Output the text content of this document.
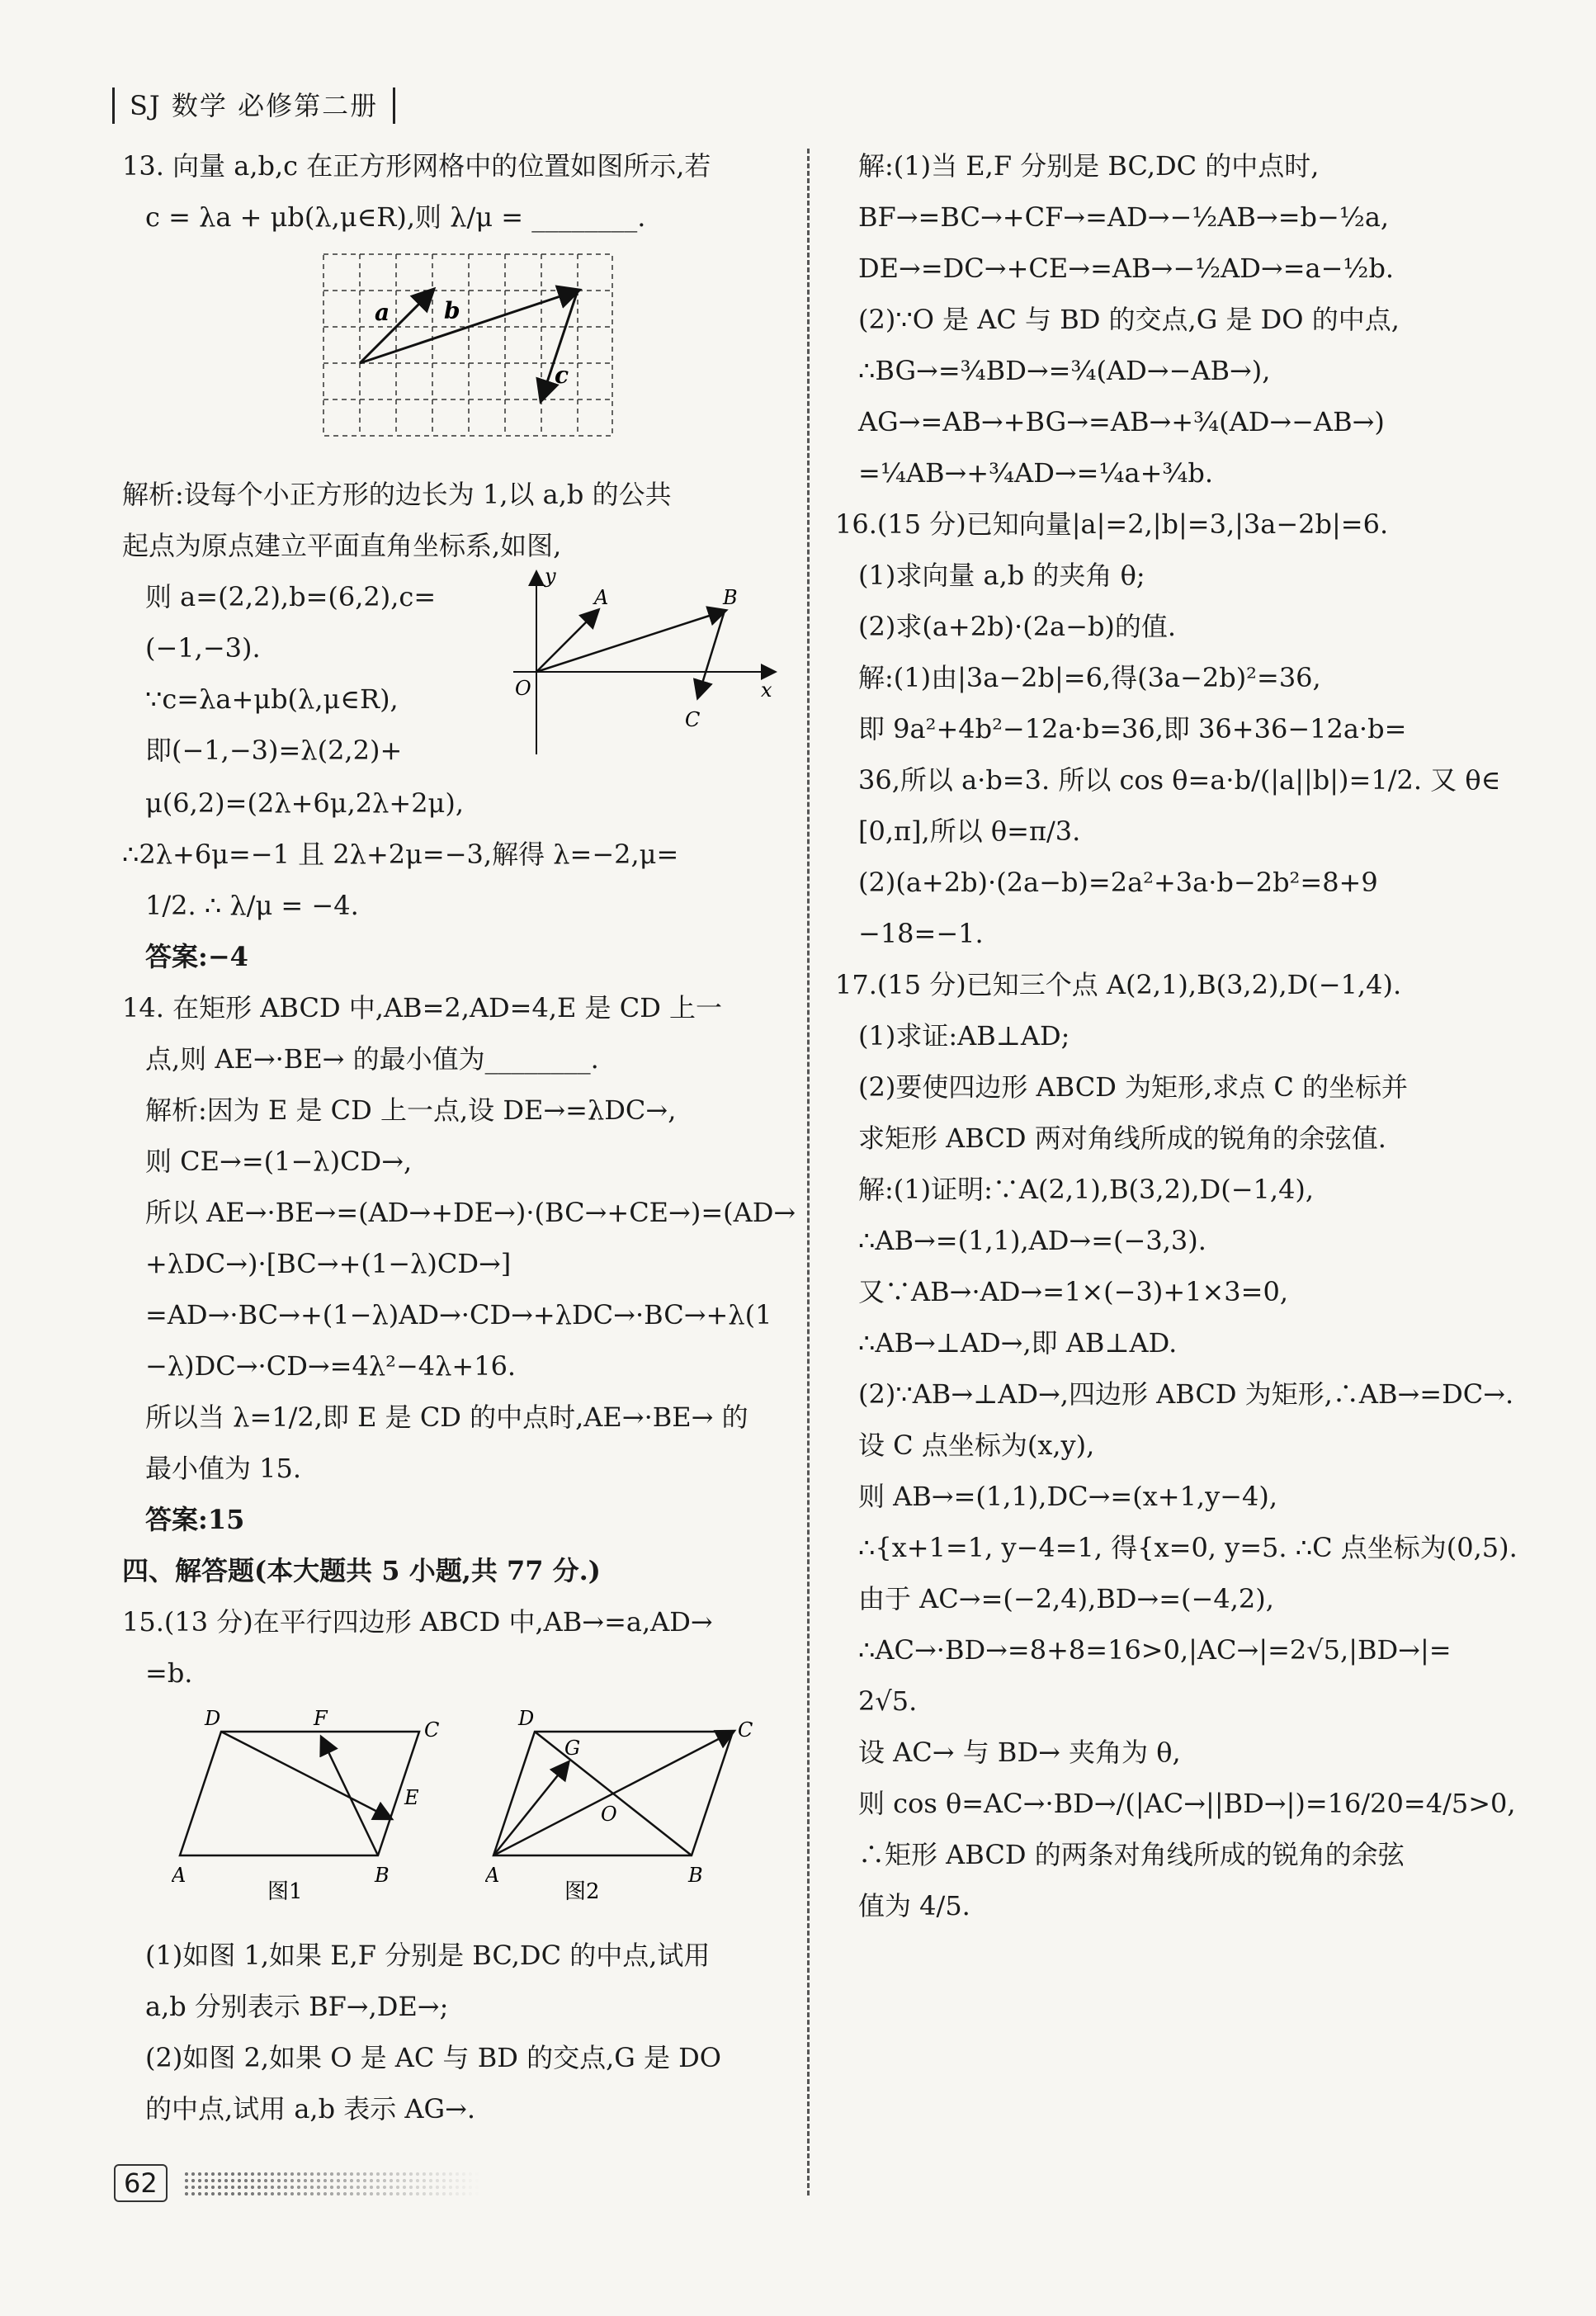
SJ 数学 必修第二册

13. 向量 a,b,c 在正方形网格中的位置如图所示,若

c = λa + μb(λ,μ∈R),则 λ/μ = ________.

a b
c

解析:设每个小正方形的边长为 1,以 a,b 的公共

起点为原点建立平面直角坐标系,如图,

则 a=(2,2),b=(6,2),c=

(−1,−3).

∵c=λa+μb(λ,μ∈R),

即(−1,−3)=λ(2,2)+

y
A	B
O	x
C

μ(6,2)=(2λ+6μ,2λ+2μ),

∴2λ+6μ=−1 且 2λ+2μ=−3,解得 λ=−2,μ=

1/2. ∴ λ/μ = −4.

答案:−4

14. 在矩形 ABCD 中,AB=2,AD=4,E 是 CD 上一

点,则 AE→·BE→ 的最小值为________.

解析:因为 E 是 CD 上一点,设 DE→=λDC→,

则 CE→=(1−λ)CD→,

所以 AE→·BE→=(AD→+DE→)·(BC→+CE→)=(AD→

+λDC→)·[BC→+(1−λ)CD→]

=AD→·BC→+(1−λ)AD→·CD→+λDC→·BC→+λ(1

−λ)DC→·CD→=4λ²−4λ+16.

所以当 λ=1/2,即 E 是 CD 的中点时,AE→·BE→ 的

最小值为 15.

答案:15

四、解答题(本大题共 5 小题,共 77 分.)

15.(13 分)在平行四边形 ABCD 中,AB→=a,AD→

=b.

D	F	C
E
A	B
图1
D
G
C
O
A	B
图2

(1)如图 1,如果 E,F 分别是 BC,DC 的中点,试用

a,b 分别表示 BF→,DE→;

(2)如图 2,如果 O 是 AC 与 BD 的交点,G 是 DO

的中点,试用 a,b 表示 AG→.

解:(1)当 E,F 分别是 BC,DC 的中点时,

BF→=BC→+CF→=AD→−½AB→=b−½a,

DE→=DC→+CE→=AB→−½AD→=a−½b.

(2)∵O 是 AC 与 BD 的交点,G 是 DO 的中点,

∴BG→=¾BD→=¾(AD→−AB→),

AG→=AB→+BG→=AB→+¾(AD→−AB→)

=¼AB→+¾AD→=¼a+¾b.

16.(15 分)已知向量|a|=2,|b|=3,|3a−2b|=6.

(1)求向量 a,b 的夹角 θ;

(2)求(a+2b)·(2a−b)的值.

解:(1)由|3a−2b|=6,得(3a−2b)²=36,

即 9a²+4b²−12a·b=36,即 36+36−12a·b=

36,所以 a·b=3. 所以 cos θ=a·b/(|a||b|)=1/2. 又 θ∈

[0,π],所以 θ=π/3.

(2)(a+2b)·(2a−b)=2a²+3a·b−2b²=8+9

−18=−1.

17.(15 分)已知三个点 A(2,1),B(3,2),D(−1,4).

(1)求证:AB⊥AD;

(2)要使四边形 ABCD 为矩形,求点 C 的坐标并

求矩形 ABCD 两对角线所成的锐角的余弦值.

解:(1)证明:∵A(2,1),B(3,2),D(−1,4),

∴AB→=(1,1),AD→=(−3,3).

又∵AB→·AD→=1×(−3)+1×3=0,

∴AB→⊥AD→,即 AB⊥AD.

(2)∵AB→⊥AD→,四边形 ABCD 为矩形,∴AB→=DC→.

设 C 点坐标为(x,y),

则 AB→=(1,1),DC→=(x+1,y−4),

∴{x+1=1, y−4=1, 得{x=0, y=5. ∴C 点坐标为(0,5).

由于 AC→=(−2,4),BD→=(−4,2),

∴AC→·BD→=8+8=16>0,|AC→|=2√5,|BD→|=

2√5.

设 AC→ 与 BD→ 夹角为 θ,

则 cos θ=AC→·BD→/(|AC→||BD→|)=16/20=4/5>0,

∴矩形 ABCD 的两条对角线所成的锐角的余弦

值为 4/5.

62
